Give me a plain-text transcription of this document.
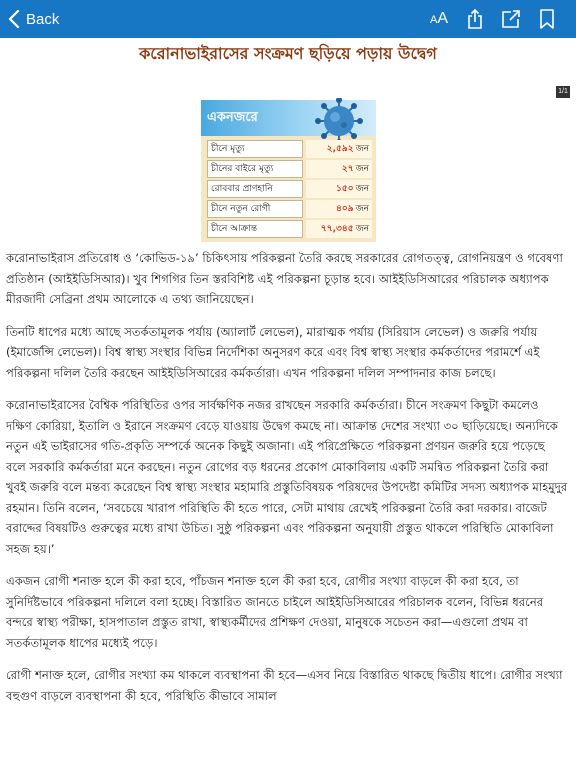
Back	AA
করোনাভাইরাসের সংক্রমণ ছড়িয়ে পড়ায় উদ্বেগ
1/1
একনজরে
চীনে মৃত্যু	২,৫৯২ জন
চীনের বাইরে মৃত্যু	২৭ জন
রোববার প্রাণহানি	১৫০ জন
চীনে নতুন রোগী	৪০৯ জন
চীনে আক্রান্ত	৭৭,৩৪৫ জন

করোনাভাইরাস প্রতিরোধ ও ‘কোভিড-১৯’ চিকিৎসায় পরিকল্পনা তৈরি করছে সরকারের রোগতত্ত্ব, রোগনিয়ন্ত্রণ ও গবেষণা প্রতিষ্ঠান (আইইডিসিআর)। খুব শিগগির তিন স্তরবিশিষ্ট এই পরিকল্পনা চূড়ান্ত হবে। আইইডিসিআরের পরিচালক অধ্যাপক মীরজাদী সেব্রিনা প্রথম আলোকে এ তথ্য জানিয়েছেন।

তিনটি ধাপের মধ্যে আছে সতর্কতামূলক পর্যায় (অ্যালার্ট লেভেল), মারাত্মক পর্যায় (সিরিয়াস লেভেল) ও জরুরি পর্যায় (ইমার্জেন্সি লেভেল)। বিশ্ব স্বাস্থ্য সংস্থার বিভিন্ন নির্দেশিকা অনুসরণ করে এবং বিশ্ব স্বাস্থ্য সংস্থার কর্মকর্তাদের পরামর্শে এই পরিকল্পনা দলিল তৈরি করছেন আইইডিসিআরের কর্মকর্তারা। এখন পরিকল্পনা দলিল সম্পাদনার কাজ চলছে।

করোনাভাইরাসের বৈশ্বিক পরিস্থিতির ওপর সার্বক্ষণিক নজর রাখছেন সরকারি কর্মকর্তারা। চীনে সংক্রমণ কিছুটা কমলেও দক্ষিণ কোরিয়া, ইতালি ও ইরানে সংক্রমণ বেড়ে যাওয়ায় উদ্বেগ কমছে না। আক্রান্ত দেশের সংখ্যা ৩০ ছাড়িয়েছে। অন্যদিকে নতুন এই ভাইরাসের গতি-প্রকৃতি সম্পর্কে অনেক কিছুই অজানা। এই পরিপ্রেক্ষিতে পরিকল্পনা প্রণয়ন জরুরি হয়ে পড়েছে বলে সরকারি কর্মকর্তারা মনে করছেন। নতুন রোগের বড় ধরনের প্রকোপ মোকাবিলায় একটি সমন্বিত পরিকল্পনা তৈরি করা খুবই জরুরি বলে মন্তব্য করেছেন বিশ্ব স্বাস্থ্য সংস্থার মহামারি প্রস্তুতিবিষয়ক পরিষদের উপদেষ্টা কমিটির সদস্য অধ্যাপক মাহমুদুর রহমান। তিনি বলেন, ‘সবচেয়ে খারাপ পরিস্থিতি কী হতে পারে, সেটা মাথায় রেখেই পরিকল্পনা তৈরি করা দরকার। বাজেট বরাদ্দের বিষয়টিও গুরুত্বের মধ্যে রাখা উচিত। সুষ্ঠু পরিকল্পনা এবং পরিকল্পনা অনুযায়ী প্রস্তুত থাকলে পরিস্থিতি মোকাবিলা সহজ হয়।’

একজন রোগী শনাক্ত হলে কী করা হবে, পাঁচজন শনাক্ত হলে কী করা হবে, রোগীর সংখ্যা বাড়লে কী করা হবে, তা সুনির্দিষ্টভাবে পরিকল্পনা দলিলে বলা হচ্ছে। বিস্তারিত জানতে চাইলে আইইডিসিআরের পরিচালক বলেন, বিভিন্ন ধরনের বন্দরে স্বাস্থ্য পরীক্ষা, হাসপাতাল প্রস্তুত রাখা, স্বাস্থ্যকর্মীদের প্রশিক্ষণ দেওয়া, মানুষকে সচেতন করা—এগুলো প্রথম বা সতর্কতামূলক ধাপের মধ্যেই পড়ে।

রোগী শনাক্ত হলে, রোগীর সংখ্যা কম থাকলে ব্যবস্থাপনা কী হবে—এসব নিয়ে বিস্তারিত থাকছে দ্বিতীয় ধাপে। রোগীর সংখ্যা বহুগুণ বাড়লে ব্যবস্থাপনা কী হবে, পরিস্থিতি কীভাবে সামাল
